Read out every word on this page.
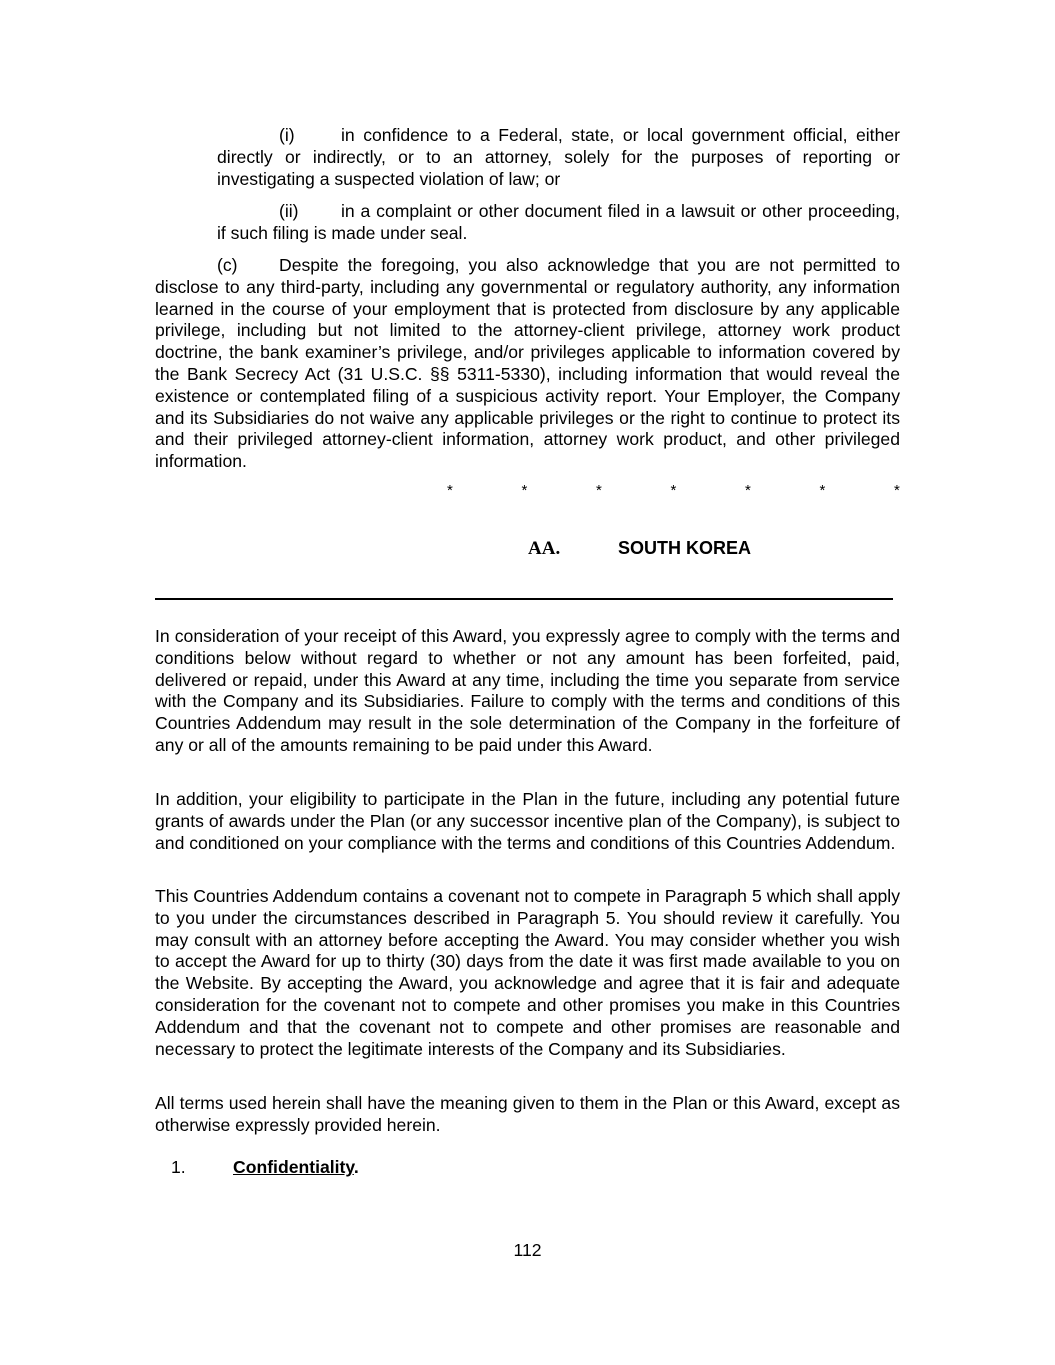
(i)	in confidence to a Federal, state, or local government official, either directly or indirectly, or to an attorney, solely for the purposes of reporting or investigating a suspected violation of law; or

(ii) in a complaint or other document filed in a lawsuit or other proceeding, if such filing is made under seal.

(c) Despite the foregoing, you also acknowledge that you are not permitted to disclose to any third-party, including any governmental or regulatory authority, any information learned in the course of your employment that is protected from disclosure by any applicable privilege, including but not limited to the attorney-client privilege, attorney work product doctrine, the bank examiner’s privilege, and/or privileges applicable to information covered by the Bank Secrecy Act (31 U.S.C. §§ 5311-5330), including information that would reveal the existence or contemplated filing of a suspicious activity report. Your Employer, the Company and its Subsidiaries do not waive any applicable privileges or the right to continue to protect its and their privileged attorney-client information, attorney work product, and other privileged information.

*    *    *    *    *    *    *
AA.	SOUTH KOREA

In consideration of your receipt of this Award, you expressly agree to comply with the terms and conditions below without regard to whether or not any amount has been forfeited, paid, delivered or repaid, under this Award at any time, including the time you separate from service with the Company and its Subsidiaries. Failure to comply with the terms and conditions of this Countries Addendum may result in the sole determination of the Company in the forfeiture of any or all of the amounts remaining to be paid under this Award.

In addition, your eligibility to participate in the Plan in the future, including any potential future grants of awards under the Plan (or any successor incentive plan of the Company), is subject to and conditioned on your compliance with the terms and conditions of this Countries Addendum.

This Countries Addendum contains a covenant not to compete in Paragraph 5 which shall apply to you under the circumstances described in Paragraph 5. You should review it carefully. You may consult with an attorney before accepting the Award. You may consider whether you wish to accept the Award for up to thirty (30) days from the date it was first made available to you on the Website. By accepting the Award, you acknowledge and agree that it is fair and adequate consideration for the covenant not to compete and other promises you make in this Countries Addendum and that the covenant not to compete and other promises are reasonable and necessary to protect the legitimate interests of the Company and its Subsidiaries.

All terms used herein shall have the meaning given to them in the Plan or this Award, except as otherwise expressly provided herein.

1.	Confidentiality.
112
